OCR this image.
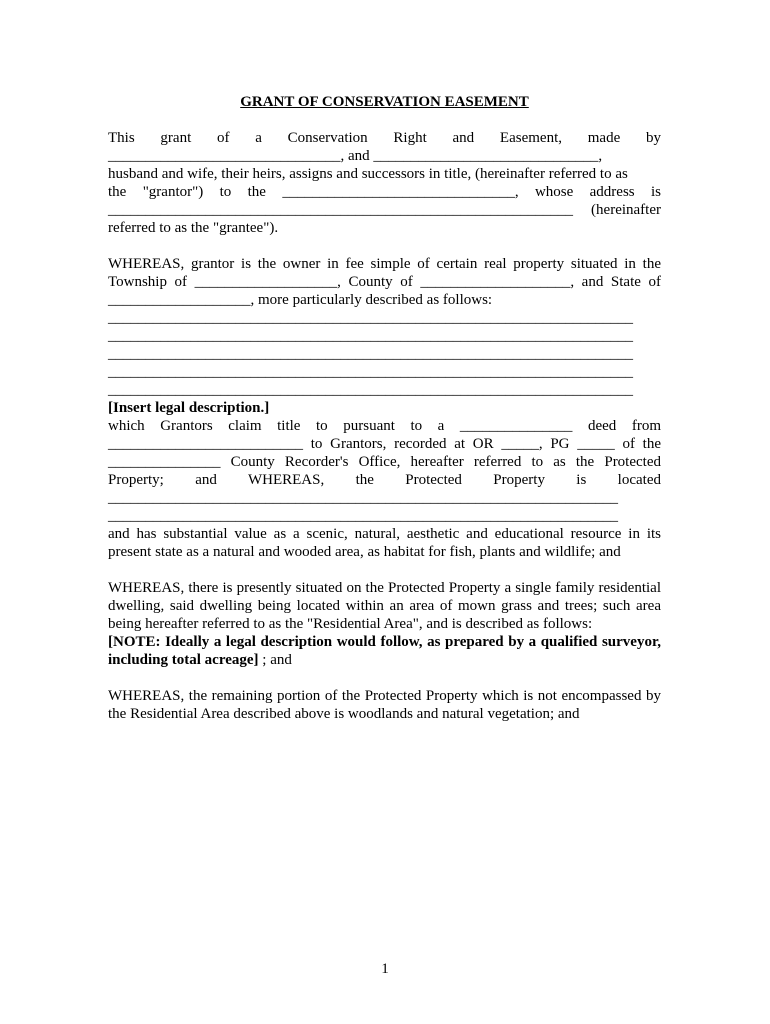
GRANT OF CONSERVATION EASEMENT
This grant of a Conservation Right and Easement, made by
_______________________________, and ______________________________,
husband and wife, their heirs, assigns and successors in title, (hereinafter referred to as
the "grantor") to the _______________________________, whose address is
______________________________________________________________ (hereinafter
referred to as the "grantee").
WHEREAS, grantor is the owner in fee simple of certain real property situated in the
Township of ___________________, County of ____________________, and State of
___________________, more particularly described as follows:
______________________________________________________________________
______________________________________________________________________
______________________________________________________________________
______________________________________________________________________
______________________________________________________________________
[Insert legal description.]
which Grantors claim title to pursuant to a _______________ deed from
__________________________ to Grantors, recorded at OR _____, PG _____ of the
_______________ County Recorder's Office, hereafter referred to as the Protected
Property; and WHEREAS, the Protected Property is located
____________________________________________________________________
____________________________________________________________________
and has substantial value as a scenic, natural, aesthetic and educational resource in its
present state as a natural and wooded area, as habitat for fish, plants and wildlife; and
WHEREAS, there is presently situated on the Protected Property a single family residential
dwelling, said dwelling being located within an area of mown grass and trees; such area
being hereafter referred to as the "Residential Area", and is described as follows:
[NOTE: Ideally a legal description would follow, as prepared by a qualified surveyor,
including total acreage] ; and
WHEREAS, the remaining portion of the Protected Property which is not encompassed by
the Residential Area described above is woodlands and natural vegetation; and
1
